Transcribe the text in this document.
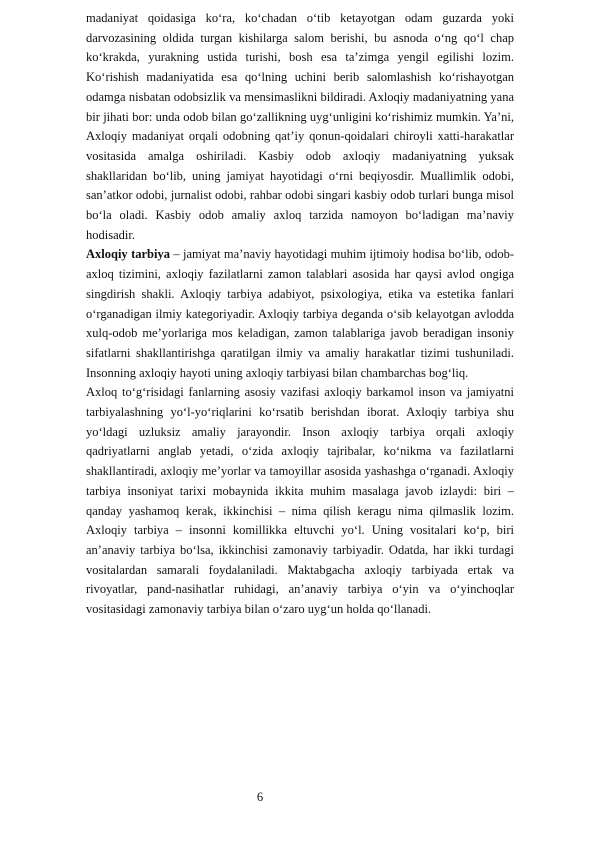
madaniyat qoidasiga ko‘ra, ko‘chadan o‘tib ketayotgan odam guzarda yoki darvozasining oldida turgan kishilarga salom berishi, bu asnoda o‘ng qo‘l chap ko‘krakda, yurakning ustida turishi, bosh esa ta’zimga yengil egilishi lozim. Ko‘rishish madaniyatida esa qo‘lning uchini berib salomlashish ko‘rishayotgan odamga nisbatan odobsizlik va mensimaslikni bildiradi. Axloqiy madaniyatning yana bir jihati bor: unda odob bilan go‘zallikning uyg‘unligini ko‘rishimiz mumkin. Ya’ni, Axloqiy madaniyat orqali odobning qat’iy qonun-qoidalari chiroyli xatti-harakatlar vositasida amalga oshiriladi. Kasbiy odob axloqiy madaniyatning yuksak shakllaridan bo‘lib, uning jamiyat hayotidagi o‘rni beqiyosdir. Muallimlik odobi, san’atkor odobi, jurnalist odobi, rahbar odobi singari kasbiy odob turlari bunga misol bo‘la oladi. Kasbiy odob amaliy axloq tarzida namoyon bo‘ladigan ma’naviy hodisadir.

Axloqiy tarbiya – jamiyat ma’naviy hayotidagi muhim ijtimoiy hodisa bo‘lib, odob-axloq tizimini, axloqiy fazilatlarni zamon talablari asosida har qaysi avlod ongiga singdirish shakli. Axloqiy tarbiya adabiyot, psixologiya, etika va estetika fanlari o‘rganadigan ilmiy kategoriyadir. Axloqiy tarbiya deganda o‘sib kelayotgan avlodda xulq-odob me’yorlariga mos keladigan, zamon talablariga javob beradigan insoniy sifatlarni shakllantirishga qaratilgan ilmiy va amaliy harakatlar tizimi tushuniladi. Insonning axloqiy hayoti uning axloqiy tarbiyasi bilan chambarchas bog‘liq.

Axloq to‘g‘risidagi fanlarning asosiy vazifasi axloqiy barkamol inson va jamiyatni tarbiyalashning yo‘l-yo‘riqlarini ko‘rsatib berishdan iborat. Axloqiy tarbiya shu yo‘ldagi uzluksiz amaliy jarayondir. Inson axloqiy tarbiya orqali axloqiy qadriyatlarni anglab yetadi, o‘zida axloqiy tajribalar, ko‘nikma va fazilatlarni shakllantiradi, axloqiy me’yorlar va tamoyillar asosida yashashga o‘rganadi. Axloqiy tarbiya insoniyat tarixi mobaynida ikkita muhim masalaga javob izlaydi: biri – qanday yashamoq kerak, ikkinchisi – nima qilish keragu nima qilmaslik lozim. Axloqiy tarbiya – insonni komillikka eltuvchi yo‘l. Uning vositalari ko‘p, biri an’anaviy tarbiya bo‘lsa, ikkinchisi zamonaviy tarbiyadir. Odatda, har ikki turdagi vositalardan samarali foydalaniladi. Maktabgacha axloqiy tarbiyada ertak va rivoyatlar, pand-nasihatlar ruhidagi, an’anaviy tarbiya o‘yin va o‘yinchoqlar vositasidagi zamonaviy tarbiya bilan o‘zaro uyg‘un holda qo‘llanadi.

6
